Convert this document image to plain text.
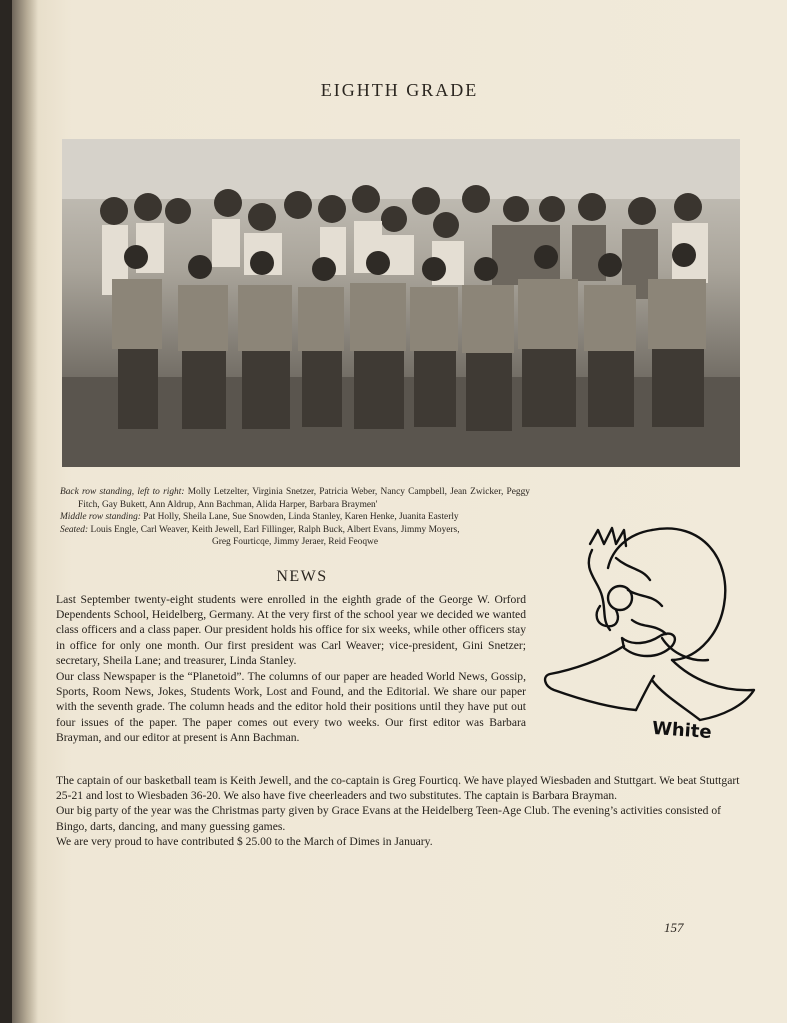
EIGHTH GRADE

Back row standing, left to right: Molly Letzelter, Virginia Snetzer, Patricia Weber, Nancy Campbell, Jean Zwicker, Peggy Fitch, Gay Bukett, Ann Aldrup, Ann Bachman, Alida Harper, Barbara Braymen'

Middle row standing: Pat Holly, Sheila Lane, Sue Snowden, Linda Stanley, Karen Henke, Juanita Easterly

Seated: Louis Engle, Carl Weaver, Keith Jewell, Earl Fillinger, Ralph Buck, Albert Evans, Jimmy Moyers,

Greg Fourticqe, Jimmy Jeraer, Reid Feoqwe

NEWS

Last September twenty-eight students were enrolled in the eighth grade of the George W. Orford Dependents School, Heidelberg, Germany. At the very first of the school year we decided we wanted class officers and a class paper. Our president holds his office for six weeks, while other officers stay in office for only one month. Our first president was Carl Weaver; vice-president, Gini Snetzer; secretary, Sheila Lane; and treasurer, Linda Stanley.

Our class Newspaper is the “Planetoid”. The columns of our paper are headed World News, Gossip, Sports, Room News, Jokes, Students Work, Lost and Found, and the Editorial. We share our paper with the seventh grade. The column heads and the editor hold their positions until they have put out four issues of the paper. The paper comes out every two weeks. Our first editor was Barbara Brayman, and our editor at present is Ann Bachman.

The captain of our basketball team is Keith Jewell, and the co-captain is Greg Fourticq. We have played Wiesbaden and Stuttgart. We beat Stuttgart 25-21 and lost to Wiesbaden 36-20. We also have five cheerleaders and two substitutes. The captain is Barbara Brayman.

Our big party of the year was the Christmas party given by Grace Evans at the Heidelberg Teen-Age Club. The evening’s activities consisted of Bingo, darts, dancing, and many guessing games.

We are very proud to have contributed $ 25.00 to the March of Dimes in January.

White
157
